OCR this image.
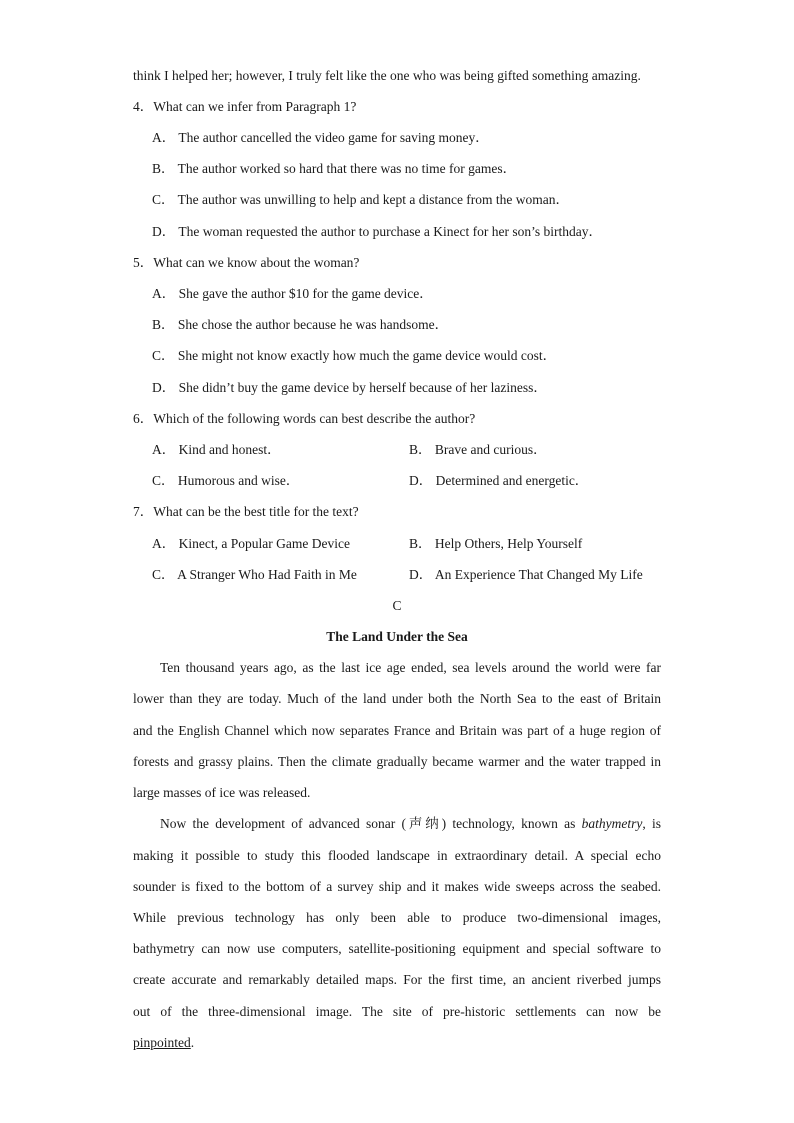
think I helped her; however, I truly felt like the one who was being gifted something amazing.
4．What can we infer from Paragraph 1?
A． The author cancelled the video game for saving money．
B． The author worked so hard that there was no time for games．
C． The author was unwilling to help and kept a distance from the woman．
D． The woman requested the author to purchase a Kinect for her son’s birthday．
5．What can we know about the woman?
A． She gave the author $10 for the game device．
B． She chose the author because he was handsome．
C． She might not know exactly how much the game device would cost．
D． She didn’t buy the game device by herself because of her laziness．
6．Which of the following words can best describe the author?
A． Kind and honest．	B． Brave and curious．
C． Humorous and wise．	D． Determined and energetic．
7．What can be the best title for the text?
A． Kinect, a Popular Game Device	B． Help Others, Help Yourself
C． A Stranger Who Had Faith in Me	D． An Experience That Changed My Life
C
The Land Under the Sea
Ten thousand years ago, as the last ice age ended, sea levels around the world were far
lower than they are today. Much of the land under both the North Sea to the east of Britain
and the English Channel which now separates France and Britain was part of a huge region of
forests and grassy plains. Then the climate gradually became warmer and the water trapped in
large masses of ice was released.
Now the development of advanced sonar (声纳) technology, known as bathymetry, is
making it possible to study this flooded landscape in extraordinary detail. A special echo
sounder is fixed to the bottom of a survey ship and it makes wide sweeps across the seabed.
While previous technology has only been able to produce two-dimensional images,
bathymetry can now use computers, satellite-positioning equipment and special software to
create accurate and remarkably detailed maps. For the first time, an ancient riverbed jumps
out of the three-dimensional image. The site of pre-historic settlements can now be
pinpointed.
